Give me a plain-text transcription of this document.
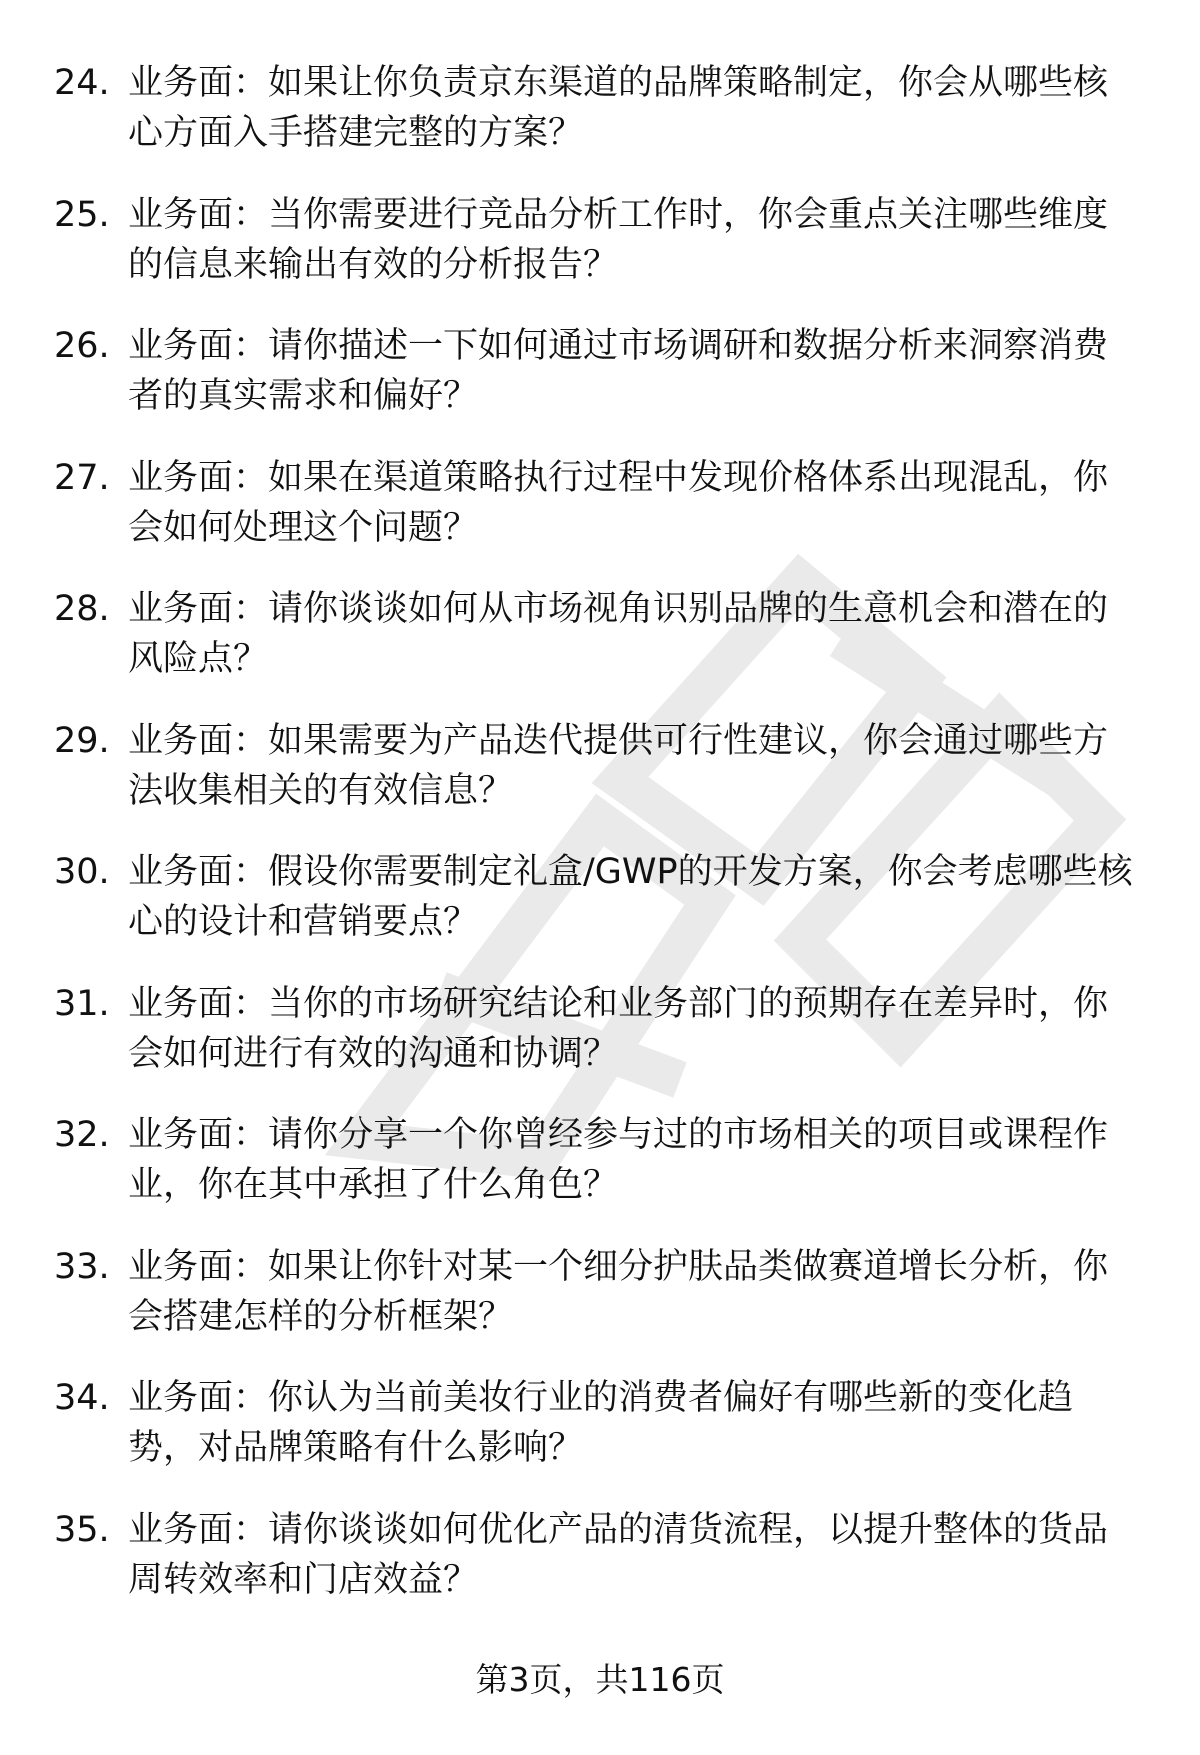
24. 业务面：如果让你负责京东渠道的品牌策略制定，你会从哪些核心方面入手搭建完整的方案？
25. 业务面：当你需要进行竞品分析工作时，你会重点关注哪些维度的信息来输出有效的分析报告？
26. 业务面：请你描述一下如何通过市场调研和数据分析来洞察消费者的真实需求和偏好？
27. 业务面：如果在渠道策略执行过程中发现价格体系出现混乱，你会如何处理这个问题？
28. 业务面：请你谈谈如何从市场视角识别品牌的生意机会和潜在的风险点？
29. 业务面：如果需要为产品迭代提供可行性建议，你会通过哪些方法收集相关的有效信息？
30. 业务面：假设你需要制定礼盒/GWP的开发方案，你会考虑哪些核心的设计和营销要点？
31. 业务面：当你的市场研究结论和业务部门的预期存在差异时，你会如何进行有效的沟通和协调？
32. 业务面：请你分享一个你曾经参与过的市场相关的项目或课程作业，你在其中承担了什么角色？
33. 业务面：如果让你针对某一个细分护肤品类做赛道增长分析，你会搭建怎样的分析框架？
34. 业务面：你认为当前美妆行业的消费者偏好有哪些新的变化趋势，对品牌策略有什么影响？
35. 业务面：请你谈谈如何优化产品的清货流程，以提升整体的货品周转效率和门店效益？
第3页，共116页
